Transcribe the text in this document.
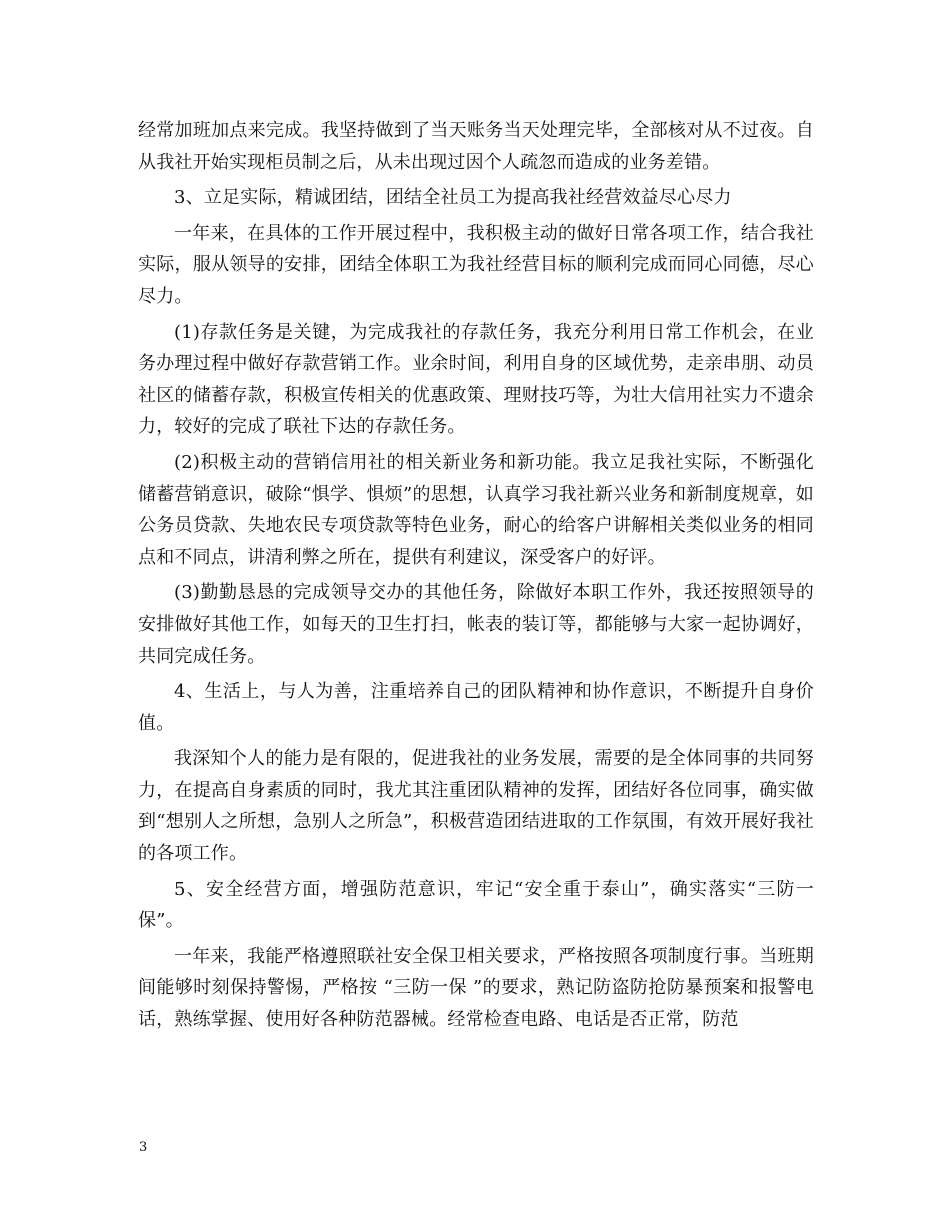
经常加班加点来完成。我坚持做到了当天账务当天处理完毕，全部核对从不过夜。自从我社开始实现柜员制之后，从未出现过因个人疏忽而造成的业务差错。

3、立足实际，精诚团结，团结全社员工为提高我社经营效益尽心尽力

一年来，在具体的工作开展过程中，我积极主动的做好日常各项工作，结合我社实际，服从领导的安排，团结全体职工为我社经营目标的顺利完成而同心同德，尽心尽力。

(1)存款任务是关键，为完成我社的存款任务，我充分利用日常工作机会，在业务办理过程中做好存款营销工作。业余时间，利用自身的区域优势，走亲串朋、动员社区的储蓄存款，积极宣传相关的优惠政策、理财技巧等，为壮大信用社实力不遗余力，较好的完成了联社下达的存款任务。

(2)积极主动的营销信用社的相关新业务和新功能。我立足我社实际，不断强化储蓄营销意识，破除“惧学、惧烦”的思想，认真学习我社新兴业务和新制度规章，如公务员贷款、失地农民专项贷款等特色业务，耐心的给客户讲解相关类似业务的相同点和不同点，讲清利弊之所在，提供有利建议，深受客户的好评。

(3)勤勤恳恳的完成领导交办的其他任务，除做好本职工作外，我还按照领导的安排做好其他工作，如每天的卫生打扫，帐表的装订等，都能够与大家一起协调好，共同完成任务。

4、生活上，与人为善，注重培养自己的团队精神和协作意识，不断提升自身价值。

我深知个人的能力是有限的，促进我社的业务发展，需要的是全体同事的共同努力，在提高自身素质的同时，我尤其注重团队精神的发挥，团结好各位同事，确实做到“想别人之所想，急别人之所急”，积极营造团结进取的工作氛围，有效开展好我社的各项工作。

5、安全经营方面，增强防范意识，牢记“安全重于泰山”，确实落实“三防一保”。

一年来，我能严格遵照联社安全保卫相关要求，严格按照各项制度行事。当班期间能够时刻保持警惕，严格按 “三防一保 ”的要求，熟记防盗防抢防暴预案和报警电话，熟练掌握、使用好各种防范器械。经常检查电路、电话是否正常，防范

3
